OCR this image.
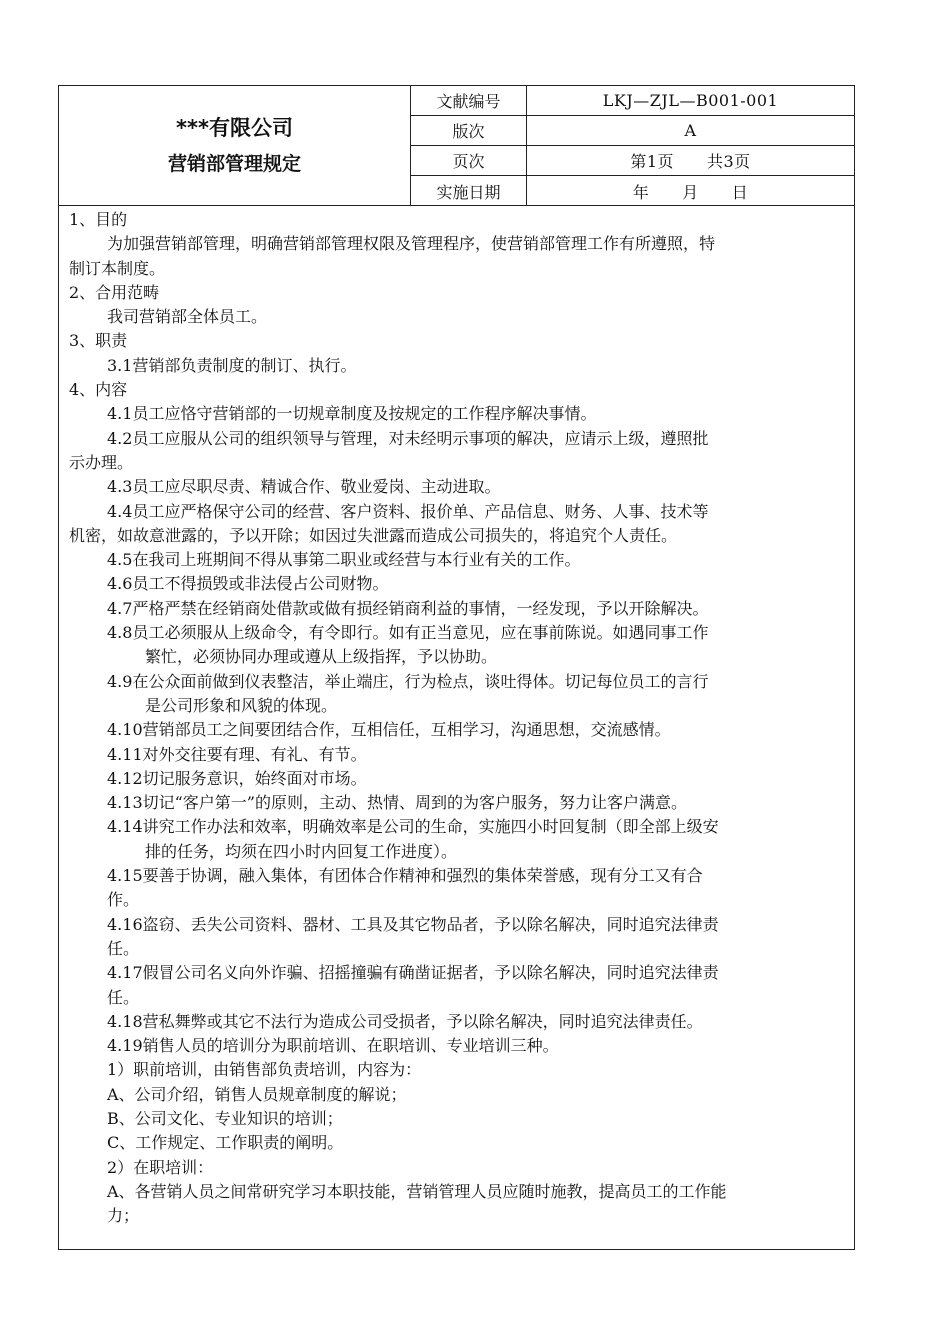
***有限公司
营销部管理规定
文献编号	LKJ—ZJL—B001-001
版次	A
页次	第1页　　共3页
实施日期	年　　月　　日
1、目的
为加强营销部管理，明确营销部管理权限及管理程序，使营销部管理工作有所遵照，特
制订本制度。
2、合用范畴
我司营销部全体员工。
3、职责
3.1营销部负责制度的制订、执行。
4、内容
4.1员工应恪守营销部的一切规章制度及按规定的工作程序解决事情。
4.2员工应服从公司的组织领导与管理，对未经明示事项的解决，应请示上级，遵照批
示办理。
4.3员工应尽职尽责、精诚合作、敬业爱岗、主动进取。
4.4员工应严格保守公司的经营、客户资料、报价单、产品信息、财务、人事、技术等
机密，如故意泄露的，予以开除；如因过失泄露而造成公司损失的，将追究个人责任。
4.5在我司上班期间不得从事第二职业或经营与本行业有关的工作。
4.6员工不得损毁或非法侵占公司财物。
4.7严格严禁在经销商处借款或做有损经销商利益的事情，一经发现，予以开除解决。
4.8员工必须服从上级命令，有令即行。如有正当意见，应在事前陈说。如遇同事工作
繁忙，必须协同办理或遵从上级指挥，予以协助。
4.9在公众面前做到仪表整洁，举止端庄，行为检点，谈吐得体。切记每位员工的言行
是公司形象和风貌的体现。
4.10营销部员工之间要团结合作，互相信任，互相学习，沟通思想，交流感情。
4.11对外交往要有理、有礼、有节。
4.12切记服务意识，始终面对市场。
4.13切记“客户第一”的原则，主动、热情、周到的为客户服务，努力让客户满意。
4.14讲究工作办法和效率，明确效率是公司的生命，实施四小时回复制（即全部上级安
排的任务，均须在四小时内回复工作进度）。
4.15要善于协调，融入集体，有团体合作精神和强烈的集体荣誉感，现有分工又有合
作。
4.16盗窃、丢失公司资料、器材、工具及其它物品者，予以除名解决，同时追究法律责
任。
4.17假冒公司名义向外诈骗、招摇撞骗有确凿证据者，予以除名解决，同时追究法律责
任。
4.18营私舞弊或其它不法行为造成公司受损者，予以除名解决，同时追究法律责任。
4.19销售人员的培训分为职前培训、在职培训、专业培训三种。
1）职前培训，由销售部负责培训，内容为：
A、公司介绍，销售人员规章制度的解说；
B、公司文化、专业知识的培训；
C、工作规定、工作职责的阐明。
2）在职培训：
A、各营销人员之间常研究学习本职技能，营销管理人员应随时施教，提高员工的工作能
力；
